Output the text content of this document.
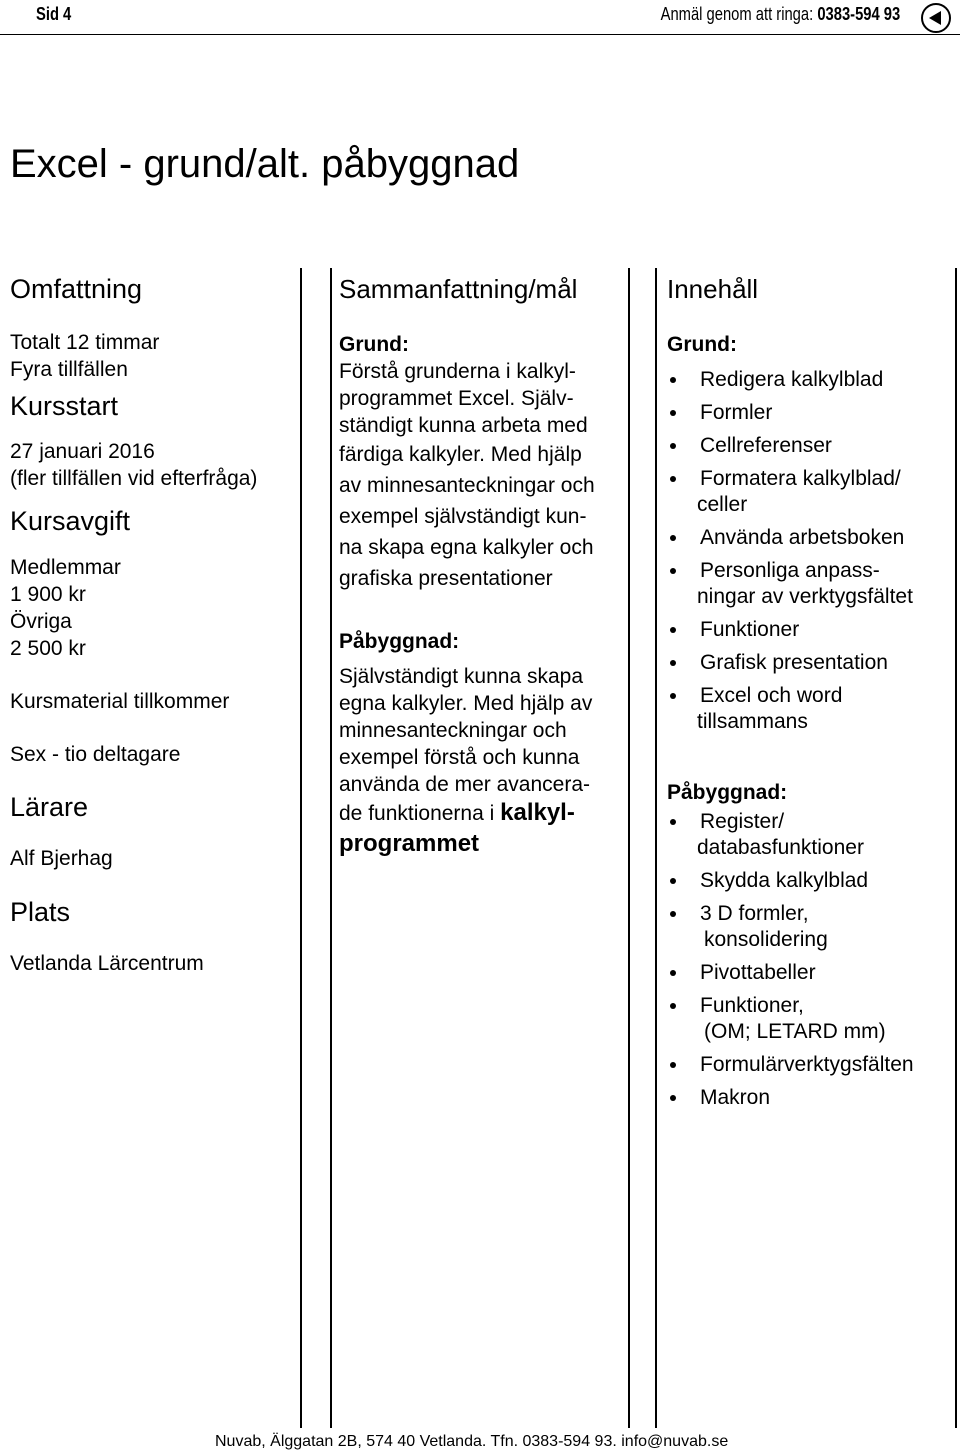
Sid 4	Anmäl genom att ringa: 0383-594 93
Excel - grund/alt. påbyggnad
Omfattning
Totalt 12 timmar
Fyra tillfällen
Kursstart
27 januari 2016
(fler tillfällen vid efterfråga)
Kursavgift
Medlemmar
1 900 kr
Övriga
2 500 kr
Kursmaterial tillkommer
Sex - tio deltagare
Lärare
Alf Bjerhag
Plats
Vetlanda Lärcentrum
Sammanfattning/mål
Grund:
Förstå grunderna i kalkyl-
programmet Excel. Själv-
ständigt kunna arbeta med
färdiga kalkyler. Med hjälp
av minnesanteckningar och
exempel självständigt kun-
na skapa egna kalkyler och
grafiska presentationer
Påbyggnad:
Självständigt kunna skapa
egna kalkyler. Med hjälp av
minnesanteckningar och
exempel förstå och kunna
använda de mer avancera-
de funktionerna i kalkyl-
programmet
Innehåll
Grund:
Redigera kalkylblad
Formler
Cellreferenser
Formatera kalkylblad/
celler
Använda arbetsboken
Personliga anpass-
ningar av verktygsfältet
Funktioner
Grafisk presentation
Excel och word
tillsammans
Påbyggnad:
Register/
databasfunktioner
Skydda kalkylblad
3 D formler,
konsolidering
Pivottabeller
Funktioner,
(OM; LETARD mm)
Formulärverktygsfälten
Makron
Nuvab, Älggatan 2B, 574 40 Vetlanda. Tfn. 0383-594 93. info@nuvab.se
